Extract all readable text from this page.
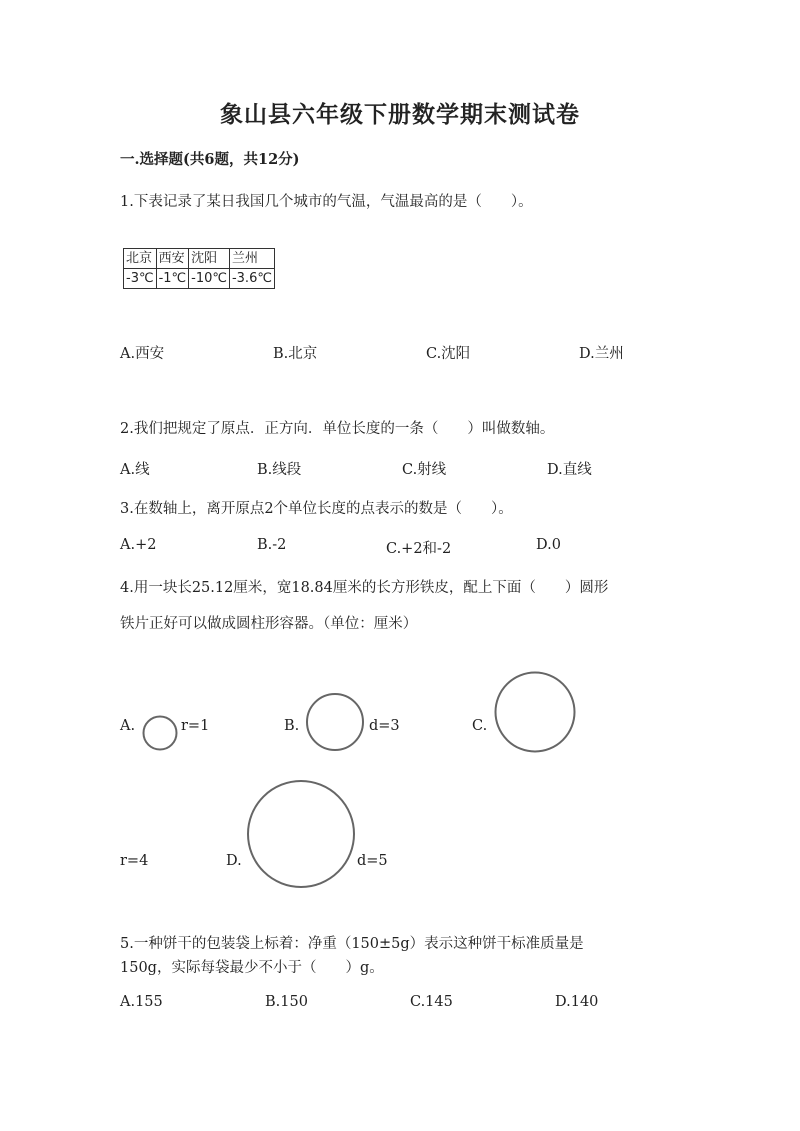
象山县六年级下册数学期末测试卷
一.选择题(共6题，共12分)
1.下表记录了某日我国几个城市的气温，气温最高的是（　　）。
北京	西安	沈阳	兰州
-3℃	-1℃	-10℃	-3.6℃
A.西安	B.北京	C.沈阳	D.兰州
2.我们把规定了原点．正方向．单位长度的一条（　　）叫做数轴。
A.线	B.线段	C.射线	D.直线
3.在数轴上，离开原点2个单位长度的点表示的数是（　　）。
A.+2	B.-2	C.+2和-2	D.0
4.用一块长25.12厘米，宽18.84厘米的长方形铁皮，配上下面（　　）圆形
铁片正好可以做成圆柱形容器。（单位：厘米）
A.	r=1	B.	d=3	C.
r=4	D.	d=5
5.一种饼干的包装袋上标着：净重（150±5g）表示这种饼干标准质量是
150g，实际每袋最少不小于（　　）g。
A.155	B.150	C.145	D.140
